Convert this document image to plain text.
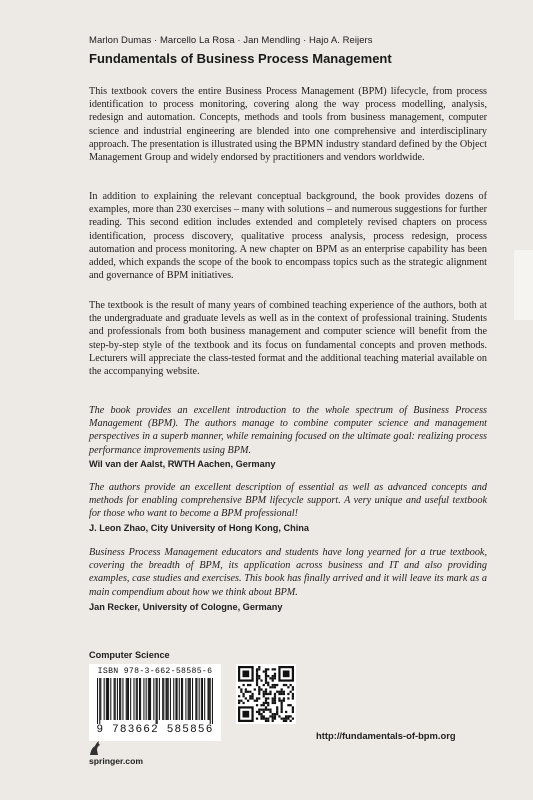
Marlon Dumas · Marcello La Rosa · Jan Mendling · Hajo A. Reijers
Fundamentals of Business Process Management

This textbook covers the entire Business Process Management (BPM) lifecycle, from process identification to process monitoring, covering along the way process modelling, analysis, redesign and automation. Concepts, methods and tools from business management, computer science and industrial engineering are blended into one comprehensive and interdisciplinary approach. The presentation is illustrated using the BPMN industry standard defined by the Object Management Group and widely endorsed by practitioners and vendors worldwide.

In addition to explaining the relevant conceptual background, the book provides dozens of examples, more than 230 exercises – many with solutions – and numerous suggestions for further reading. This second edition includes extended and completely revised chapters on process identification, process discovery, qualitative process analysis, process redesign, process automation and process monitoring. A new chapter on BPM as an enterprise capability has been added, which expands the scope of the book to encompass topics such as the strategic alignment and governance of BPM initiatives.

The textbook is the result of many years of combined teaching experience of the authors, both at the undergraduate and graduate levels as well as in the context of professional training. Students and professionals from both business management and computer science will benefit from the step-by-step style of the textbook and its focus on fundamental concepts and proven methods. Lecturers will appreciate the class-tested format and the additional teaching material available on the accompanying website.

The book provides an excellent introduction to the whole spectrum of Business Process Management (BPM). The authors manage to combine computer science and management perspectives in a superb manner, while remaining focused on the ultimate goal: realizing process performance improvements using BPM.

Wil van der Aalst, RWTH Aachen, Germany

The authors provide an excellent description of essential as well as advanced concepts and methods for enabling comprehensive BPM lifecycle support. A very unique and useful textbook for those who want to become a BPM professional!

J. Leon Zhao, City University of Hong Kong, China

Business Process Management educators and students have long yearned for a true textbook, covering the breadth of BPM, its application across business and IT and also providing examples, case studies and exercises. This book has finally arrived and it will leave its mark as a main compendium about how we think about BPM.

Jan Recker, University of Cologne, Germany
Computer Science
ISBN 978-3-662-58585-6
9 783662 585856
springer.com
http://fundamentals-of-bpm.org
